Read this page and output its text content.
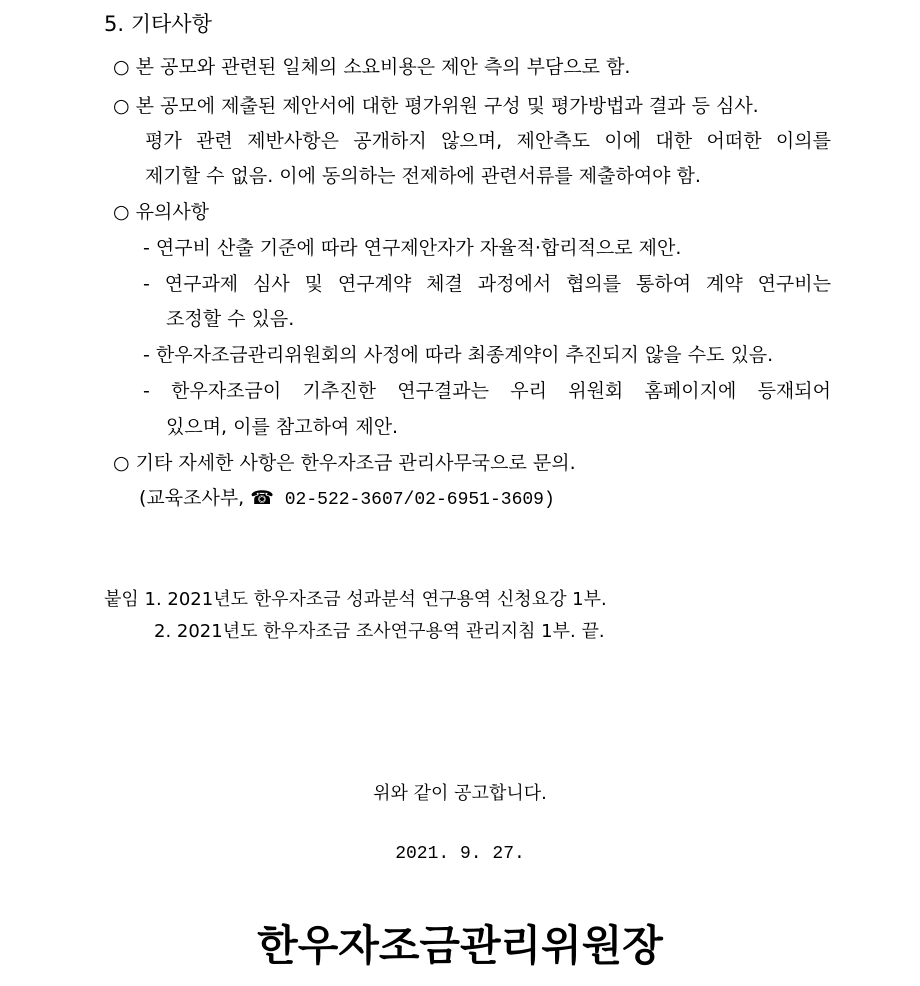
5. 기타사항
○ 본 공모와 관련된 일체의 소요비용은 제안 측의 부담으로 함.
○ 본 공모에 제출된 제안서에 대한 평가위원 구성 및 평가방법과 결과 등 심사.
평가 관련 제반사항은 공개하지 않으며, 제안측도 이에 대한 어떠한 이의를
제기할 수 없음. 이에 동의하는 전제하에 관련서류를 제출하여야 함.
○ 유의사항
- 연구비 산출 기준에 따라 연구제안자가 자율적·합리적으로 제안.
- 연구과제 심사 및 연구계약 체결 과정에서 협의를 통하여 계약 연구비는
조정할 수 있음.
- 한우자조금관리위원회의 사정에 따라 최종계약이 추진되지 않을 수도 있음.
- 한우자조금이 기추진한 연구결과는 우리 위원회 홈페이지에 등재되어
있으며, 이를 참고하여 제안.
○ 기타 자세한 사항은 한우자조금 관리사무국으로 문의.
(교육조사부, ☎ 02-522-3607/02-6951-3609)
붙임 1. 2021년도 한우자조금 성과분석 연구용역 신청요강 1부.
2. 2021년도 한우자조금 조사연구용역 관리지침 1부. 끝.
위와 같이 공고합니다.
2021. 9. 27.
한우자조금관리위원장
